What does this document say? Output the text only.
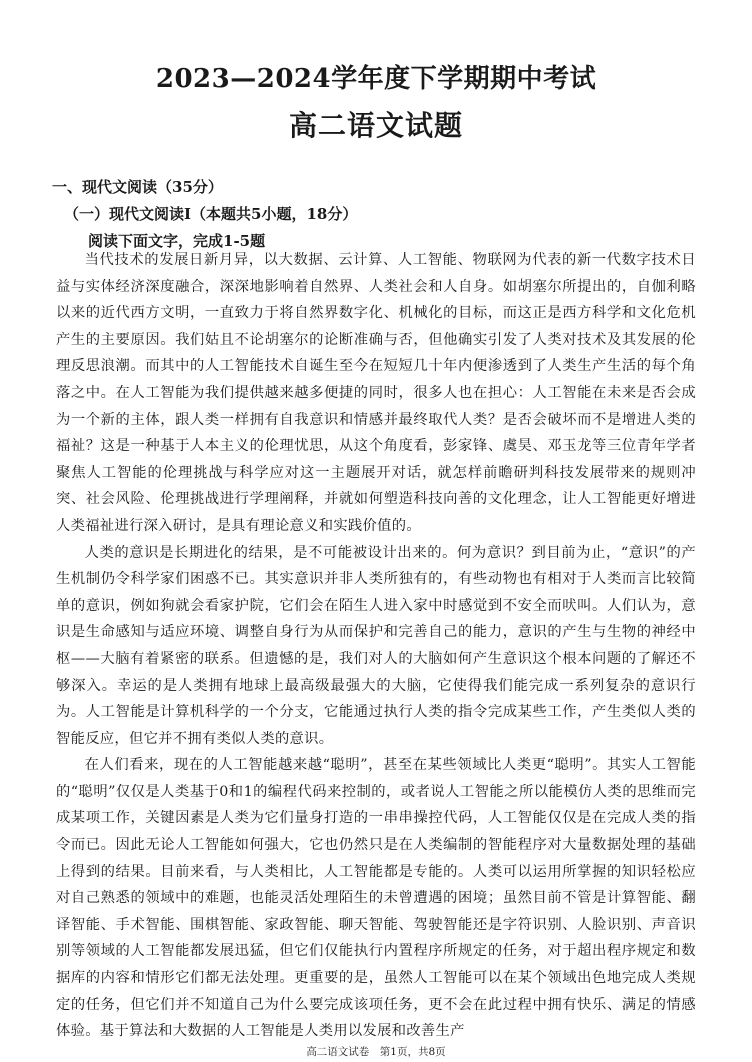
2023—2024学年度下学期期中考试
高二语文试题
一、现代文阅读（35分）
（一）现代文阅读Ⅰ（本题共5小题，18分）
阅读下面文字，完成1-5题

当代技术的发展日新月异，以大数据、云计算、人工智能、物联网为代表的新一代数字技术日益与实体经济深度融合，深深地影响着自然界、人类社会和人自身。如胡塞尔所提出的，自伽利略以来的近代西方文明，一直致力于将自然界数字化、机械化的目标，而这正是西方科学和文化危机产生的主要原因。我们姑且不论胡塞尔的论断准确与否，但他确实引发了人类对技术及其发展的伦理反思浪潮。而其中的人工智能技术自诞生至今在短短几十年内便渗透到了人类生产生活的每个角落之中。在人工智能为我们提供越来越多便捷的同时，很多人也在担心：人工智能在未来是否会成为一个新的主体，跟人类一样拥有自我意识和情感并最终取代人类？是否会破坏而不是增进人类的福祉？这是一种基于人本主义的伦理忧思，从这个角度看，彭家锋、虞昊、邓玉龙等三位青年学者聚焦人工智能的伦理挑战与科学应对这一主题展开对话，就怎样前瞻研判科技发展带来的规则冲突、社会风险、伦理挑战进行学理阐释，并就如何塑造科技向善的文化理念，让人工智能更好增进人类福祉进行深入研讨，是具有理论意义和实践价值的。

人类的意识是长期进化的结果，是不可能被设计出来的。何为意识？到目前为止，“意识”的产生机制仍令科学家们困惑不已。其实意识并非人类所独有的，有些动物也有相对于人类而言比较简单的意识，例如狗就会看家护院，它们会在陌生人进入家中时感觉到不安全而吠叫。人们认为，意识是生命感知与适应环境、调整自身行为从而保护和完善自己的能力，意识的产生与生物的神经中枢——大脑有着紧密的联系。但遗憾的是，我们对人的大脑如何产生意识这个根本问题的了解还不够深入。幸运的是人类拥有地球上最高级最强大的大脑，它使得我们能完成一系列复杂的意识行为。人工智能是计算机科学的一个分支，它能通过执行人类的指令完成某些工作，产生类似人类的智能反应，但它并不拥有类似人类的意识。

在人们看来，现在的人工智能越来越“聪明”，甚至在某些领域比人类更“聪明”。其实人工智能的“聪明”仅仅是人类基于0和1的编程代码来控制的，或者说人工智能之所以能模仿人类的思维而完成某项工作，关键因素是人类为它们量身打造的一串串操控代码，人工智能仅仅是在完成人类的指令而已。因此无论人工智能如何强大，它也仍然只是在人类编制的智能程序对大量数据处理的基础上得到的结果。目前来看，与人类相比，人工智能都是专能的。人类可以运用所掌握的知识轻松应对自己熟悉的领域中的难题，也能灵活处理陌生的未曾遭遇的困境；虽然目前不管是计算智能、翻译智能、手术智能、围棋智能、家政智能、聊天智能、驾驶智能还是字符识别、人脸识别、声音识别等领域的人工智能都发展迅猛，但它们仅能执行内置程序所规定的任务，对于超出程序规定和数据库的内容和情形它们都无法处理。更重要的是，虽然人工智能可以在某个领域出色地完成人类规定的任务，但它们并不知道自己为什么要完成该项任务，更不会在此过程中拥有快乐、满足的情感体验。基于算法和大数据的人工智能是人类用以发展和改善生产

高二语文试卷　第1页，共8页
